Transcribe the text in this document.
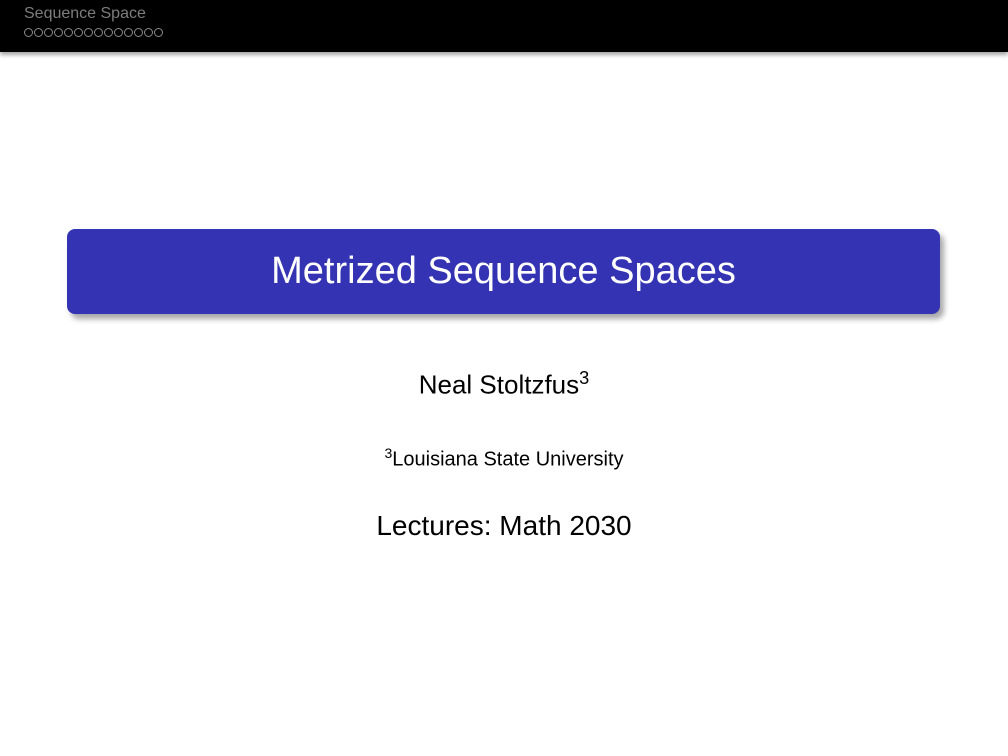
Sequence Space
Metrized Sequence Spaces
Neal Stoltzfus$^3$
$^3$Louisiana State University
Lectures: Math 2030
